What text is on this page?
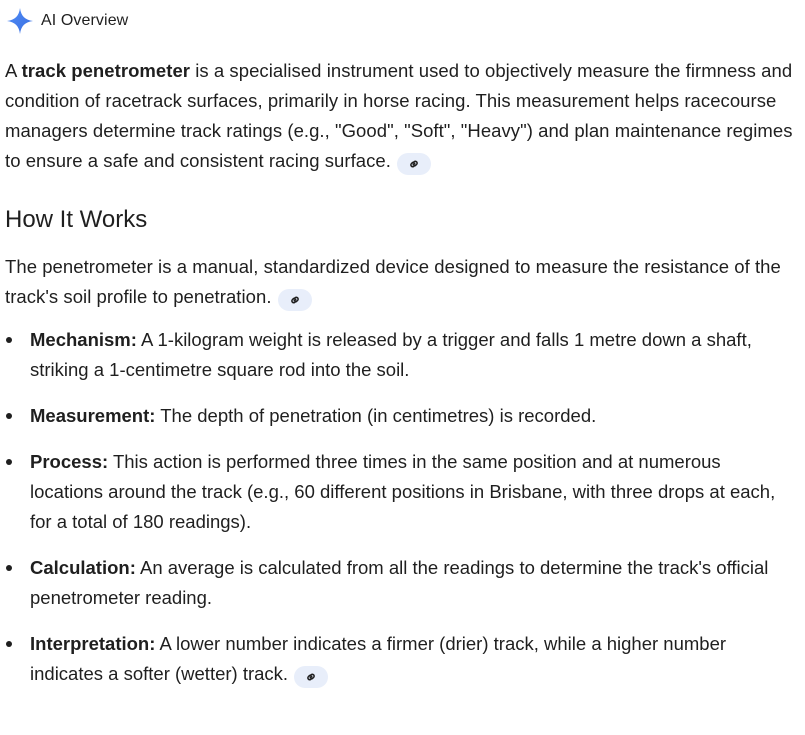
AI Overview

A track penetrometer is a specialised instrument used to objectively measure the firmness and condition of racetrack surfaces, primarily in horse racing. This measurement helps racecourse managers determine track ratings (e.g., "Good", "Soft", "Heavy") and plan maintenance regimes to ensure a safe and consistent racing surface.

How It Works

The penetrometer is a manual, standardized device designed to measure the resistance of the track's soil profile to penetration.

Mechanism: A 1-kilogram weight is released by a trigger and falls 1 metre down a shaft, striking a 1-centimetre square rod into the soil.
Measurement: The depth of penetration (in centimetres) is recorded.
Process: This action is performed three times in the same position and at numerous locations around the track (e.g., 60 different positions in Brisbane, with three drops at each, for a total of 180 readings).
Calculation: An average is calculated from all the readings to determine the track's official penetrometer reading.
Interpretation: A lower number indicates a firmer (drier) track, while a higher number indicates a softer (wetter) track.
